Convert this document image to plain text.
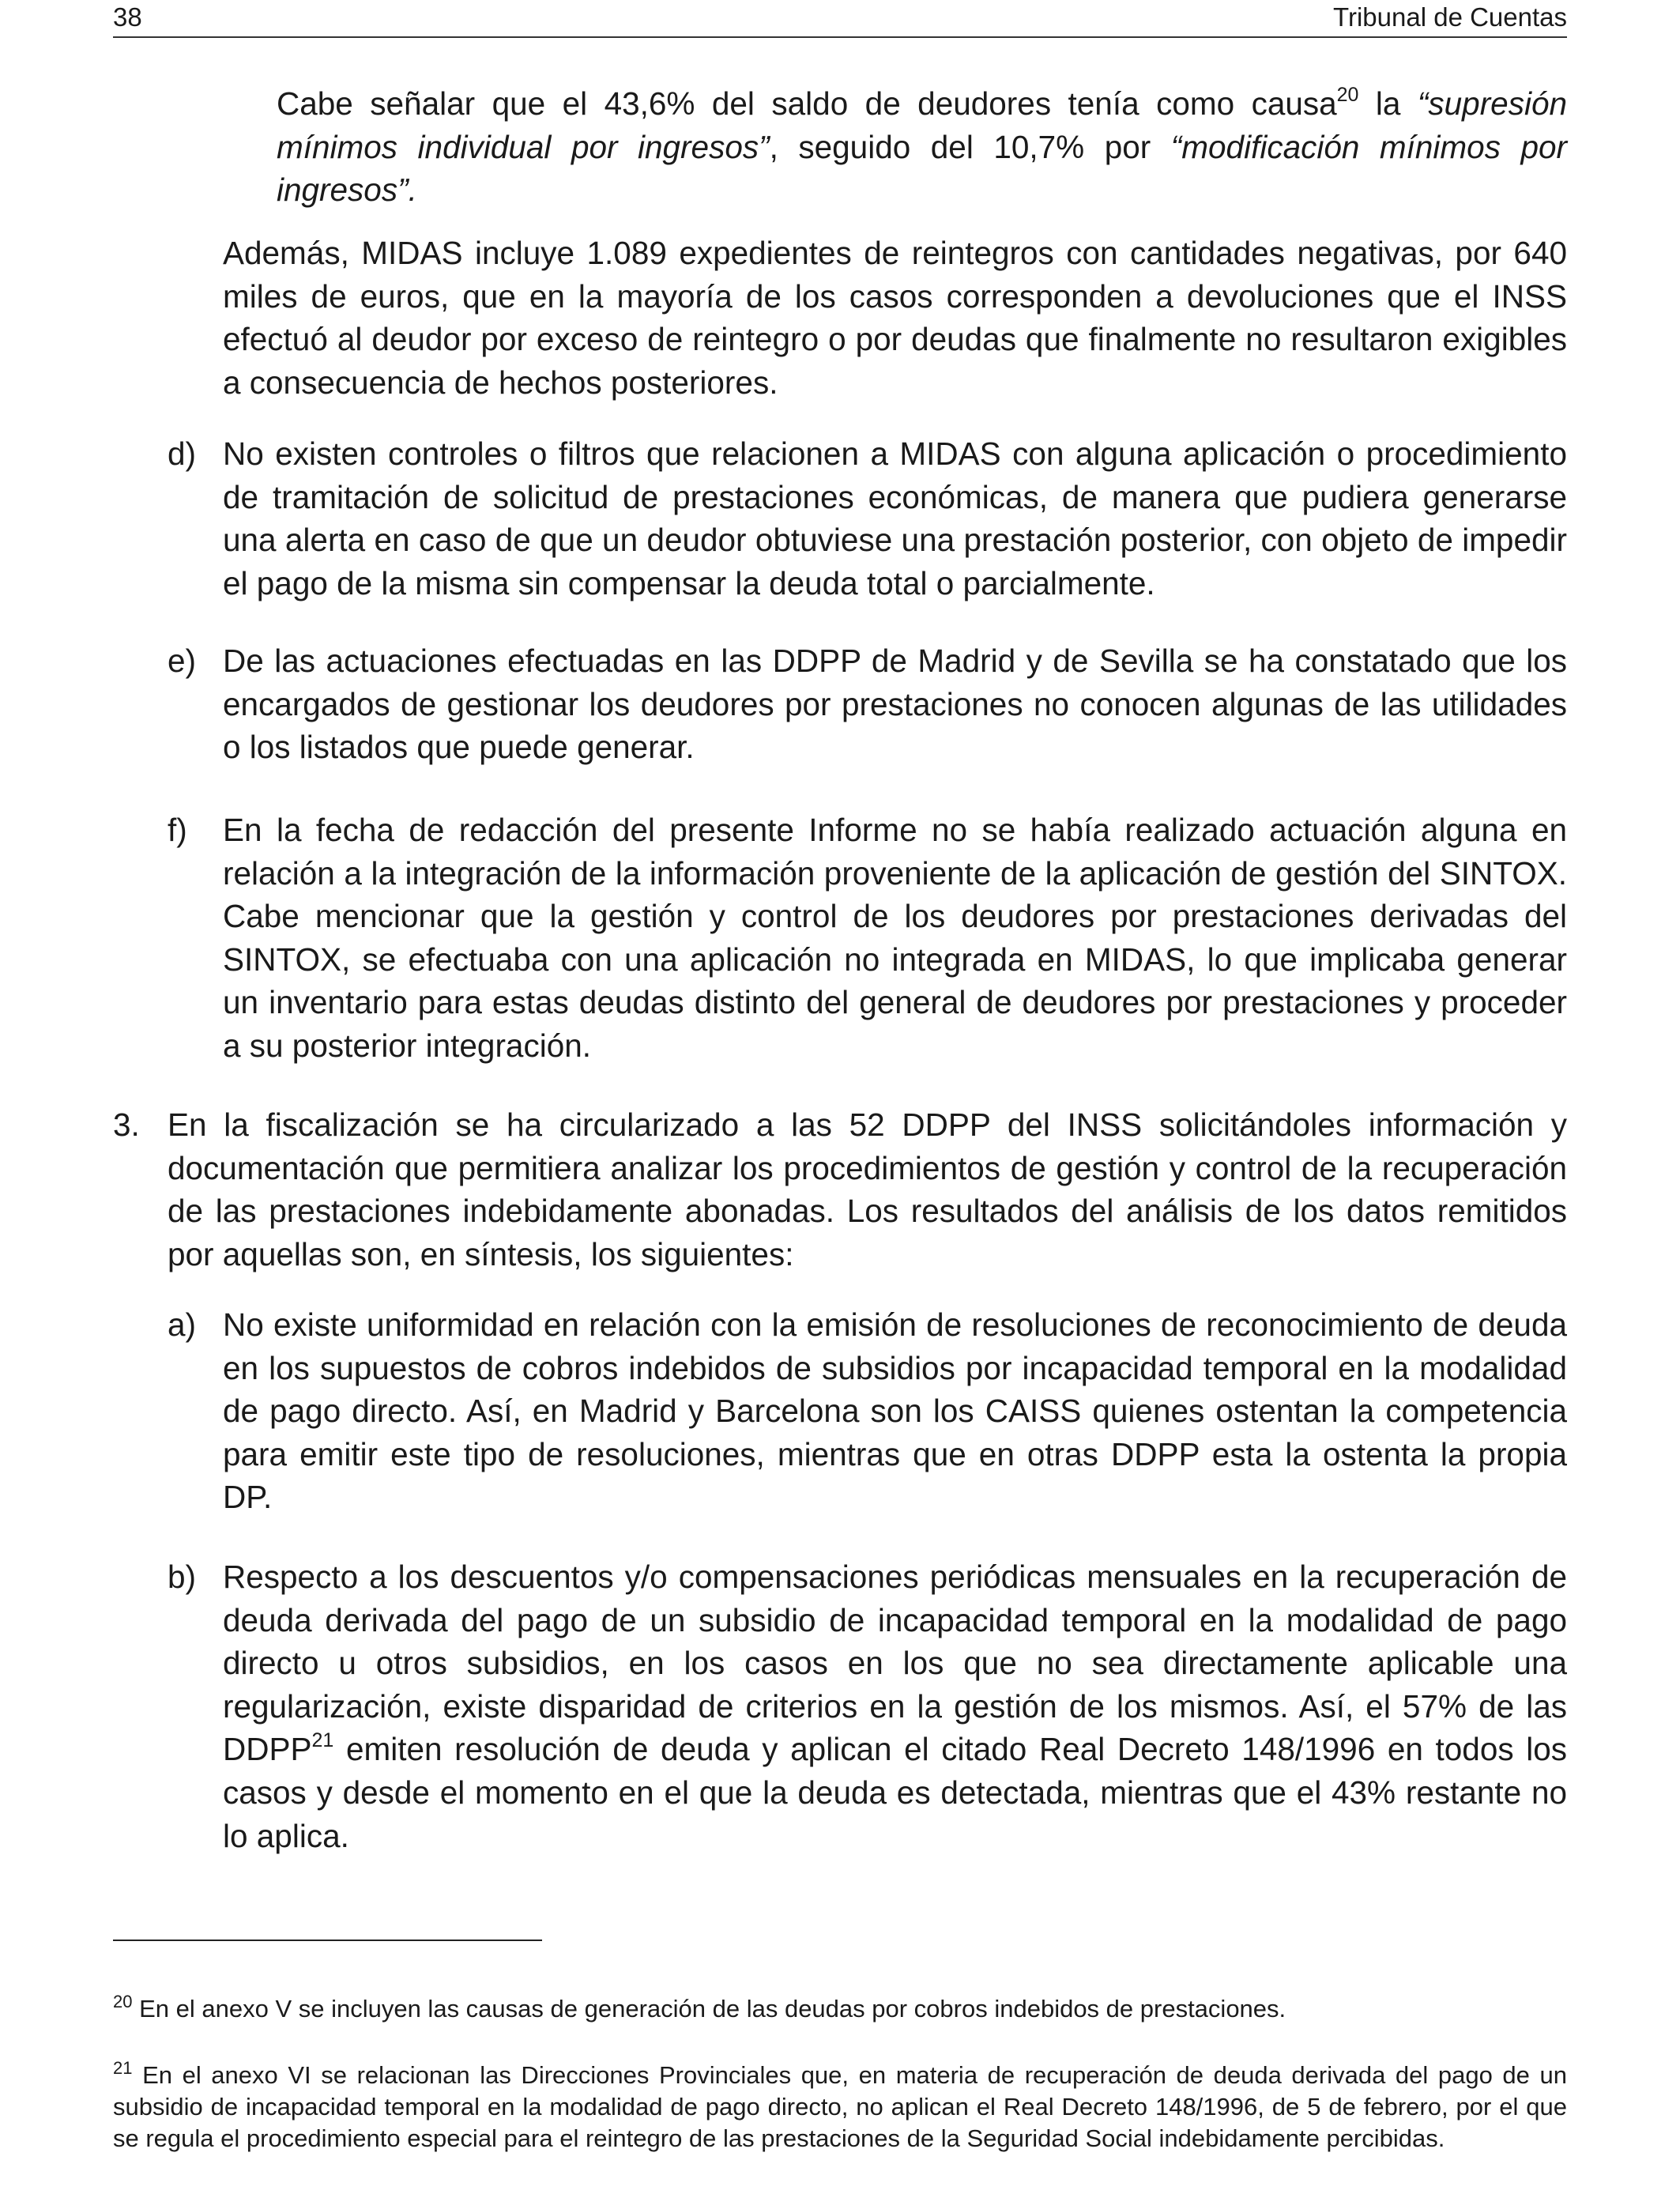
38	Tribunal de Cuentas

Cabe señalar que el 43,6% del saldo de deudores tenía como causa$^{20}$ la “supresión mínimos individual por ingresos”, seguido del 10,7% por “modificación mínimos por ingresos”.

Además, MIDAS incluye 1.089 expedientes de reintegros con cantidades negativas, por 640 miles de euros, que en la mayoría de los casos corresponden a devoluciones que el INSS efectuó al deudor por exceso de reintegro o por deudas que finalmente no resultaron exigibles a consecuencia de hechos posteriores.

d) No existen controles o filtros que relacionen a MIDAS con alguna aplicación o procedimiento de tramitación de solicitud de prestaciones económicas, de manera que pudiera generarse una alerta en caso de que un deudor obtuviese una prestación posterior, con objeto de impedir el pago de la misma sin compensar la deuda total o parcialmente.

e) De las actuaciones efectuadas en las DDPP de Madrid y de Sevilla se ha constatado que los encargados de gestionar los deudores por prestaciones no conocen algunas de las utilidades o los listados que puede generar.

f) En la fecha de redacción del presente Informe no se había realizado actuación alguna en relación a la integración de la información proveniente de la aplicación de gestión del SINTOX. Cabe mencionar que la gestión y control de los deudores por prestaciones derivadas del SINTOX, se efectuaba con una aplicación no integrada en MIDAS, lo que implicaba generar un inventario para estas deudas distinto del general de deudores por prestaciones y proceder a su posterior integración.

3. En la fiscalización se ha circularizado a las 52 DDPP del INSS solicitándoles información y documentación que permitiera analizar los procedimientos de gestión y control de la recuperación de las prestaciones indebidamente abonadas. Los resultados del análisis de los datos remitidos por aquellas son, en síntesis, los siguientes:

a) No existe uniformidad en relación con la emisión de resoluciones de reconocimiento de deuda en los supuestos de cobros indebidos de subsidios por incapacidad temporal en la modalidad de pago directo. Así, en Madrid y Barcelona son los CAISS quienes ostentan la competencia para emitir este tipo de resoluciones, mientras que en otras DDPP esta la ostenta la propia DP.

b) Respecto a los descuentos y/o compensaciones periódicas mensuales en la recuperación de deuda derivada del pago de un subsidio de incapacidad temporal en la modalidad de pago directo u otros subsidios, en los casos en los que no sea directamente aplicable una regularización, existe disparidad de criterios en la gestión de los mismos. Así, el 57% de las DDPP$^{21}$ emiten resolución de deuda y aplican el citado Real Decreto 148/1996 en todos los casos y desde el momento en el que la deuda es detectada, mientras que el 43% restante no lo aplica.

$^{20}$ En el anexo V se incluyen las causas de generación de las deudas por cobros indebidos de prestaciones.

$^{21}$ En el anexo VI se relacionan las Direcciones Provinciales que, en materia de recuperación de deuda derivada del pago de un subsidio de incapacidad temporal en la modalidad de pago directo, no aplican el Real Decreto 148/1996, de 5 de febrero, por el que se regula el procedimiento especial para el reintegro de las prestaciones de la Seguridad Social indebidamente percibidas.
